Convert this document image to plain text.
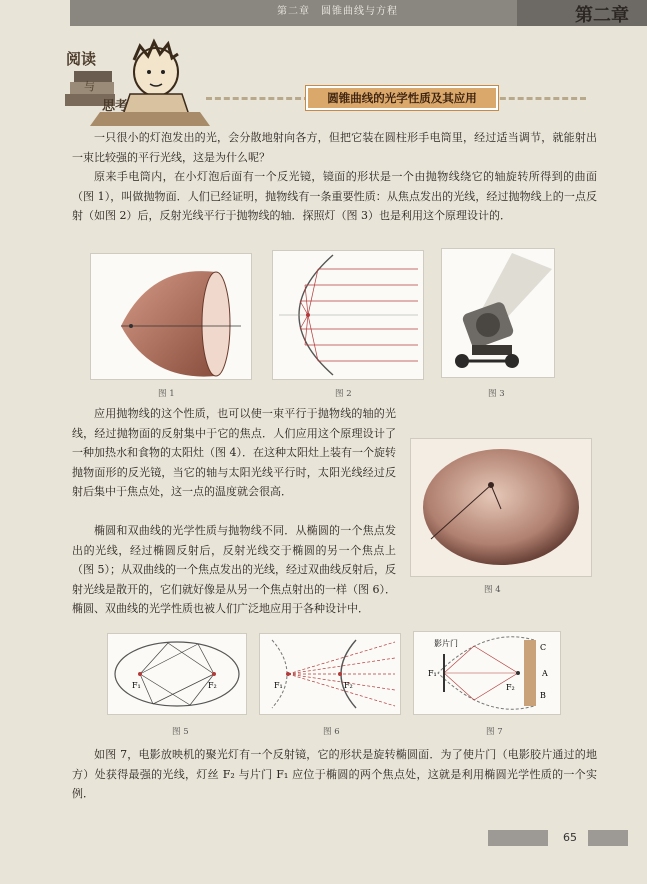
第二章　圆锥曲线与方程	第二章
阅读
与
思考
圆锥曲线的光学性质及其应用

一只很小的灯泡发出的光，会分散地射向各方，但把它装在圆柱形手电筒里，经过适当调节，就能射出一束比较强的平行光线，这是为什么呢？

原来手电筒内，在小灯泡后面有一个反光镜，镜面的形状是一个由抛物线绕它的轴旋转所得到的曲面（图 1），叫做抛物面．人们已经证明，抛物线有一条重要性质：从焦点发出的光线，经过抛物线上的一点反射（如图 2）后，反射光线平行于抛物线的轴．探照灯（图 3）也是利用这个原理设计的．

图 1	图 2	图 3

应用抛物线的这个性质，也可以使一束平行于抛物线的轴的光线，经过抛物面的反射集中于它的焦点．人们应用这个原理设计了一种加热水和食物的太阳灶（图 4）．在这种太阳灶上装有一个旋转抛物面形的反光镜，当它的轴与太阳光线平行时，太阳光线经过反射后集中于焦点处，这一点的温度就会很高．

椭圆和双曲线的光学性质与抛物线不同．从椭圆的一个焦点发出的光线，经过椭圆反射后，反射光线交于椭圆的另一个焦点上（图 5）；从双曲线的一个焦点发出的光线，经过双曲线反射后，反射光线是散开的，它们就好像是从另一个焦点射出的一样（图 6）．椭圆、双曲线的光学性质也被人们广泛地应用于各种设计中．

图 4
F₁	F₂
图 5
F₁	F₂
图 6
影片门
F₁
F₂
C
A
B
图 7

如图 7，电影放映机的聚光灯有一个反射镜，它的形状是旋转椭圆面．为了使片门（电影胶片通过的地方）处获得最强的光线，灯丝 F₂ 与片门 F₁ 应位于椭圆的两个焦点处，这就是利用椭圆光学性质的一个实例．

65
